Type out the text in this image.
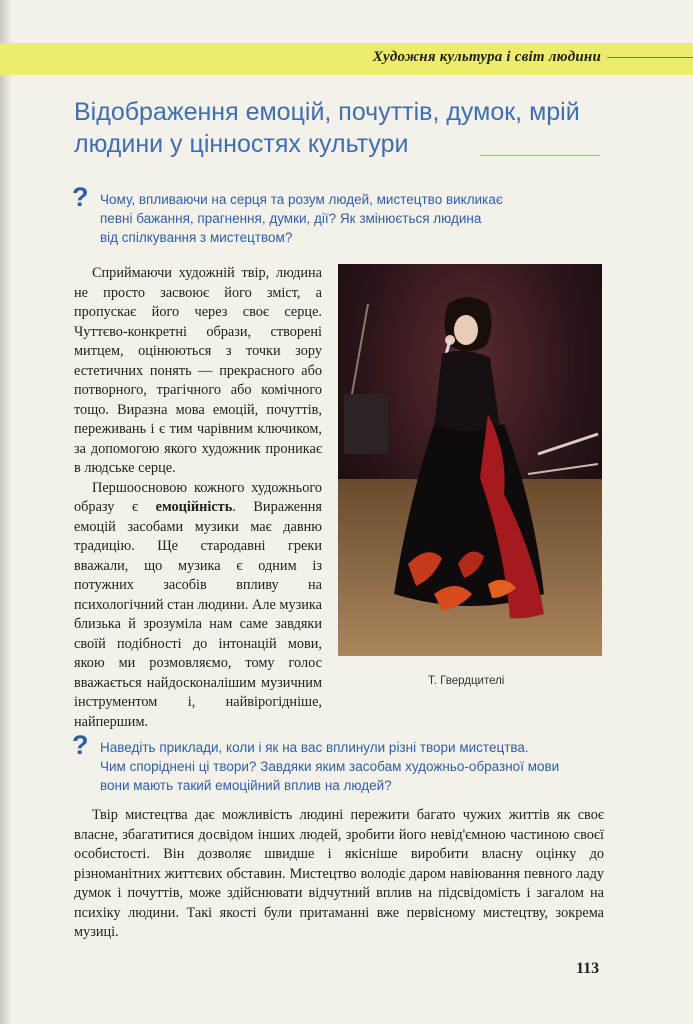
Художня культура і світ людини
Відображення емоцій, почуттів, думок, мрій
людини у цінностях культури
? Чому, впливаючи на серця та розум людей, мистецтво викликає
певні бажання, прагнення, думки, дії? Як змінюється людина
від спілкування з мистецтвом?

Сприймаючи художній твір, людина не просто засвоює його зміст, а пропускає його через своє серце. Чуттєво-конкретні образи, створені митцем, оцінюються з точки зору естетичних понять — прекрасного або потворного, трагічного або комічного тощо. Виразна мова емоцій, почуттів, переживань і є тим чарівним ключиком, за допомогою якого художник проникає в людське серце.

Першоосновою кожного художнього образу є емоційність. Вираження емоцій засобами музики має давню традицію. Ще стародавні греки вважали, що музика є одним із потужних засобів впливу на психологічний стан людини. Але музика близька й зрозуміла нам саме завдяки своїй подібності до інтонацій мови, якою ми розмовляємо, тому голос вважається найдосконалішим музичним інструментом і, найвірогідніше, найпершим.

Т. Гвердцителі
? Наведіть приклади, коли і як на вас вплинули різні твори мистецтва.
Чим споріднені ці твори? Завдяки яким засобам художньо-образної мови
вони мають такий емоційний вплив на людей?
Твір мистецтва дає можливість людині пережити багато чужих життів як своє власне, збагатитися досвідом інших людей, зробити його невід'ємною частиною своєї особистості. Він дозволяє швидше і якісніше виробити власну оцінку до різноманітних життєвих обставин. Мистецтво володіє даром навіювання певного ладу думок і почуттів, може здійснювати відчутний вплив на підсвідомість і загалом на психіку людини. Такі якості були притаманні вже первісному мистецтву, зокрема музиці.
113
